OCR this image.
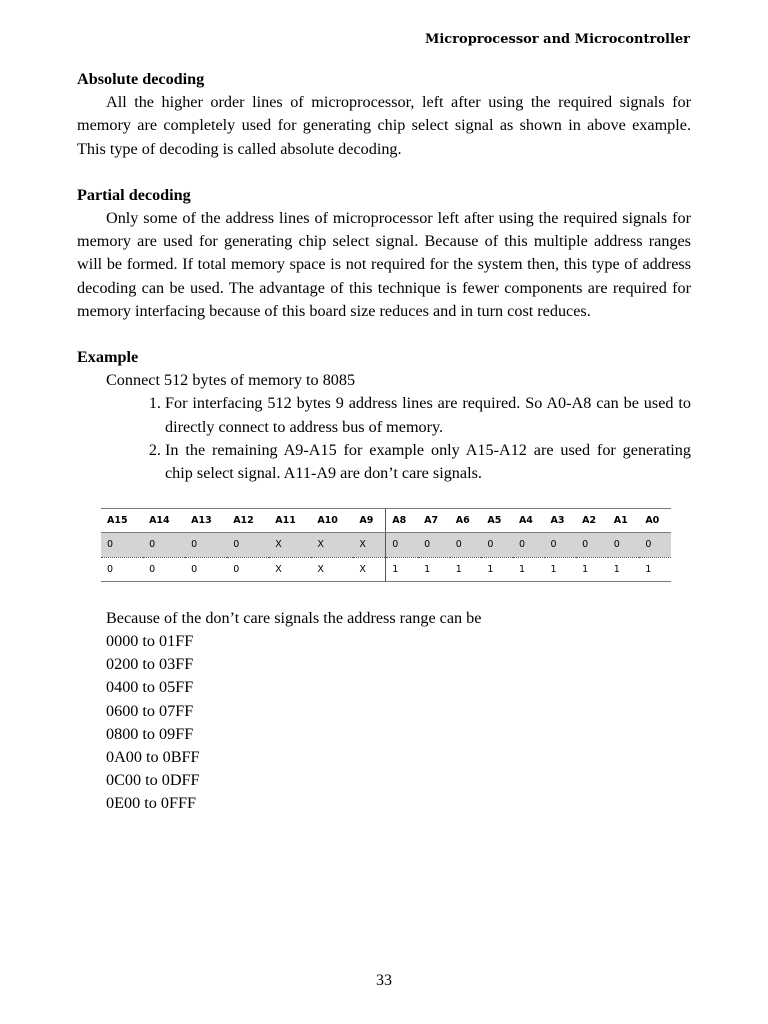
Microprocessor and Microcontroller
Absolute decoding

All the higher order lines of microprocessor, left after using the required signals for memory are completely used for generating chip select signal as shown in above example. This type of decoding is called absolute decoding.

Partial decoding

Only some of the address lines of microprocessor left after using the required signals for memory are used for generating chip select signal. Because of this multiple address ranges will be formed. If total memory space is not required for the system then, this type of address decoding can be used. The advantage of this technique is fewer components are required for memory interfacing because of this board size reduces and in turn cost reduces.

Example
Connect 512 bytes of memory to 8085
1. For interfacing 512 bytes 9 address lines are required. So A0-A8 can be used to directly connect to address bus of memory.
2. In the remaining A9-A15 for example only A15-A12 are used for generating chip select signal. A11-A9 are don’t care signals.
A15	A14	A13	A12	A11	A10	A9	A8	A7	A6	A5	A4	A3	A2	A1	A0
0	0	0	0	X	X	X	0	0	0	0	0	0	0	0	0
0	0	0	0	X	X	X	1	1	1	1	1	1	1	1	1
Because of the don’t care signals the address range can be
0000 to 01FF
0200 to 03FF
0400 to 05FF
0600 to 07FF
0800 to 09FF
0A00 to 0BFF
0C00 to 0DFF
0E00 to 0FFF
33
